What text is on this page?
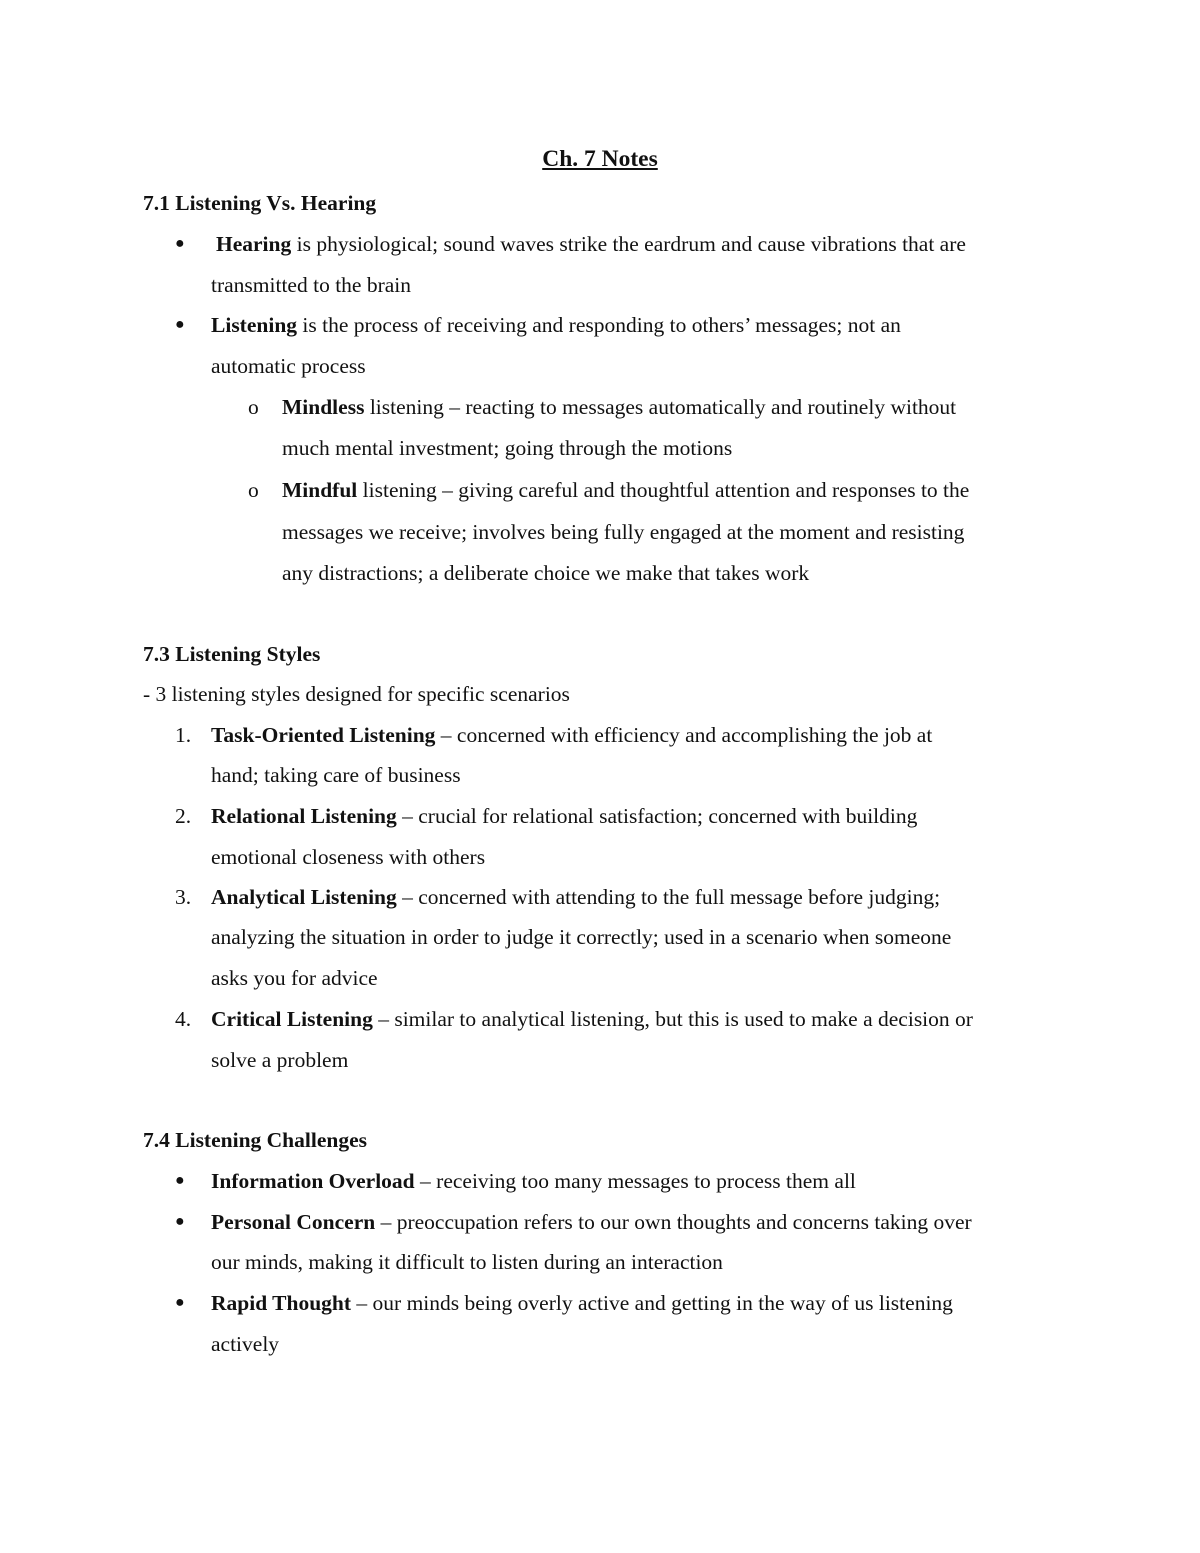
Ch. 7 Notes
7.1 Listening Vs. Hearing
● Hearing is physiological; sound waves strike the eardrum and cause vibrations that are
transmitted to the brain
● Listening is the process of receiving and responding to others’ messages; not an
automatic process
o Mindless listening – reacting to messages automatically and routinely without
much mental investment; going through the motions
o Mindful listening – giving careful and thoughtful attention and responses to the
messages we receive; involves being fully engaged at the moment and resisting
any distractions; a deliberate choice we make that takes work
7.3 Listening Styles
- 3 listening styles designed for specific scenarios
1. Task-Oriented Listening – concerned with efficiency and accomplishing the job at
hand; taking care of business
2. Relational Listening – crucial for relational satisfaction; concerned with building
emotional closeness with others
3. Analytical Listening – concerned with attending to the full message before judging;
analyzing the situation in order to judge it correctly; used in a scenario when someone
asks you for advice
4. Critical Listening – similar to analytical listening, but this is used to make a decision or
solve a problem
7.4 Listening Challenges
● Information Overload – receiving too many messages to process them all
● Personal Concern – preoccupation refers to our own thoughts and concerns taking over
our minds, making it difficult to listen during an interaction
● Rapid Thought – our minds being overly active and getting in the way of us listening
actively
